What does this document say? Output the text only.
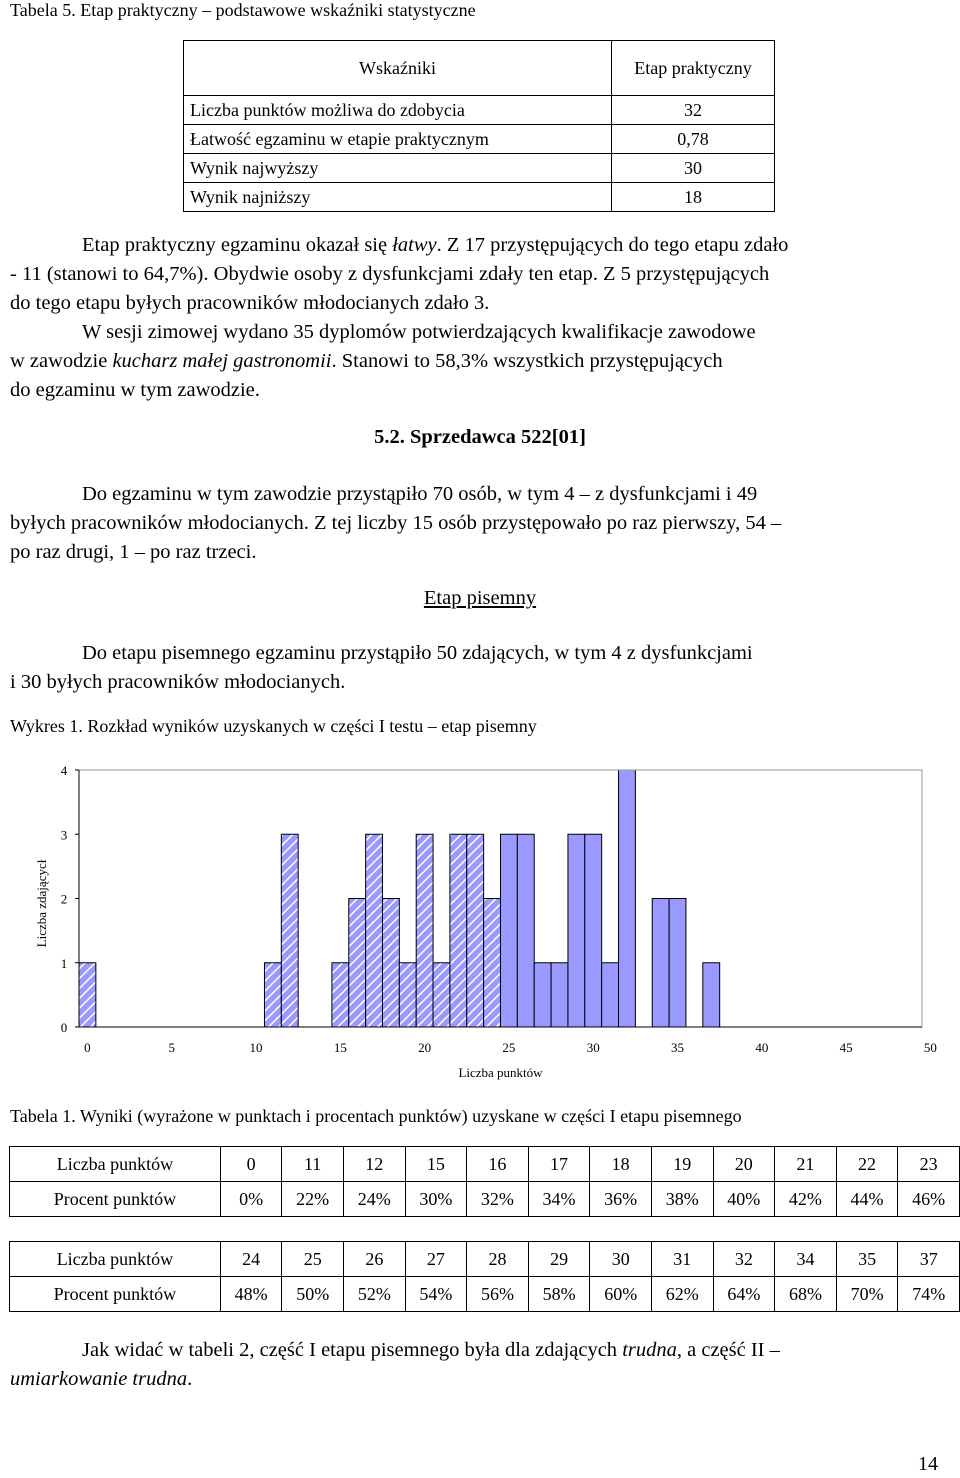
Tabela 5. Etap praktyczny – podstawowe wskaźniki statystyczne
Wskaźniki	Etap praktyczny
Liczba punktów możliwa do zdobycia	32
Łatwość egzaminu w etapie praktycznym	0,78
Wynik najwyższy	30
Wynik najniższy	18

Etap praktyczny egzaminu okazał się łatwy. Z 17 przystępujących do tego etapu zdało

- 11 (stanowi to 64,7%). Obydwie osoby z dysfunkcjami zdały ten etap. Z 5 przystępujących

do tego etapu byłych pracowników młodocianych zdało 3.

W sesji zimowej wydano 35 dyplomów potwierdzających kwalifikacje zawodowe

w zawodzie kucharz małej gastronomii. Stanowi to 58,3% wszystkich przystępujących

do egzaminu w tym zawodzie.

5.2. Sprzedawca 522[01]

Do egzaminu w tym zawodzie przystąpiło 70 osób, w tym 4 – z dysfunkcjami i 49

byłych pracowników młodocianych. Z tej liczby 15 osób przystępowało po raz pierwszy, 54 –

po raz drugi, 1 – po raz trzeci.

Etap pisemny

Do etapu pisemnego egzaminu przystąpiło 50 zdających, w tym 4 z dysfunkcjami

i 30 byłych pracowników młodocianych.

Wykres 1. Rozkład wyników uzyskanych w części I testu – etap pisemny
0
1
2
3
4
0	5	10	15	20	25	30	35	40	45	50
Liczba punktów
Liczba zdającycł
Tabela 1. Wyniki (wyrażone w punktach i procentach punktów) uzyskane w części I etapu pisemnego
Liczba punktów	0	11	12	15	16	17	18	19	20	21	22	23
Procent punktów	0%	22%	24%	30%	32%	34%	36%	38%	40%	42%	44%	46%
Liczba punktów	24	25	26	27	28	29	30	31	32	34	35	37
Procent punktów	48%	50%	52%	54%	56%	58%	60%	62%	64%	68%	70%	74%

Jak widać w tabeli 2, część I etapu pisemnego była dla zdających trudna, a część II –

umiarkowanie trudna.

14
